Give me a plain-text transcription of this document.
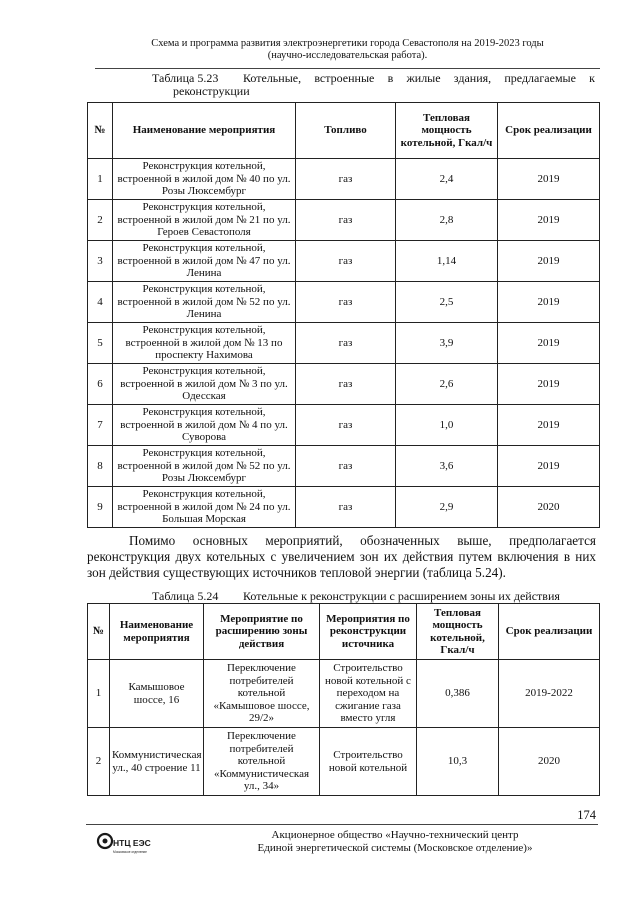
Схема и программа развития электроэнергетики города Севастополя на 2019-2023 годы
(научно-исследовательская работа).
Таблица 5.23	Котельные, встроенные в жилые здания, предлагаемые к реконструкции
№	Наименование мероприятия	Топливо	Тепловая мощность котельной, Гкал/ч	Срок реализации
1	Реконструкция котельной, встроенной в жилой дом № 40 по ул. Розы Люксембург	газ	2,4	2019
2	Реконструкция котельной, встроенной в жилой дом № 21 по ул. Героев Севастополя	газ	2,8	2019
3	Реконструкция котельной, встроенной в жилой дом № 47 по ул. Ленина	газ	1,14	2019
4	Реконструкция котельной, встроенной в жилой дом № 52 по ул. Ленина	газ	2,5	2019
5	Реконструкция котельной, встроенной в жилой дом № 13 по проспекту Нахимова	газ	3,9	2019
6	Реконструкция котельной, встроенной в жилой дом № 3 по ул. Одесская	газ	2,6	2019
7	Реконструкция котельной, встроенной в жилой дом № 4 по ул. Суворова	газ	1,0	2019
8	Реконструкция котельной, встроенной в жилой дом № 52 по ул. Розы Люксембург	газ	3,6	2019
9	Реконструкция котельной, встроенной в жилой дом № 24 по ул. Большая Морская	газ	2,9	2020
Помимо основных мероприятий, обозначенных выше, предполагается реконструкция двух котельных с увеличением зон их действия путем включения в них зон действия существующих источников тепловой энергии (таблица 5.24).
Таблица 5.24 Котельные к реконструкции с расширением зоны их действия
№	Наименование мероприятия	Мероприятие по расширению зоны действия	Мероприятия по реконструкции источника	Тепловая мощность котельной, Гкал/ч	Срок реализации
1	Камышовое шоссе, 16	Переключение потребителей котельной «Камышовое шоссе, 29/2»	Строительство новой котельной с переходом на сжигание газа вместо угля	0,386	2019-2022
2	Коммунистическая ул., 40 строение 11	Переключение потребителей котельной «Коммунистическая ул., 34»	Строительство новой котельной	10,3	2020
174
НТЦ ЕЭС
Московское отделение
Акционерное общество «Научно-технический центр
Единой энергетической системы (Московское отделение)»
